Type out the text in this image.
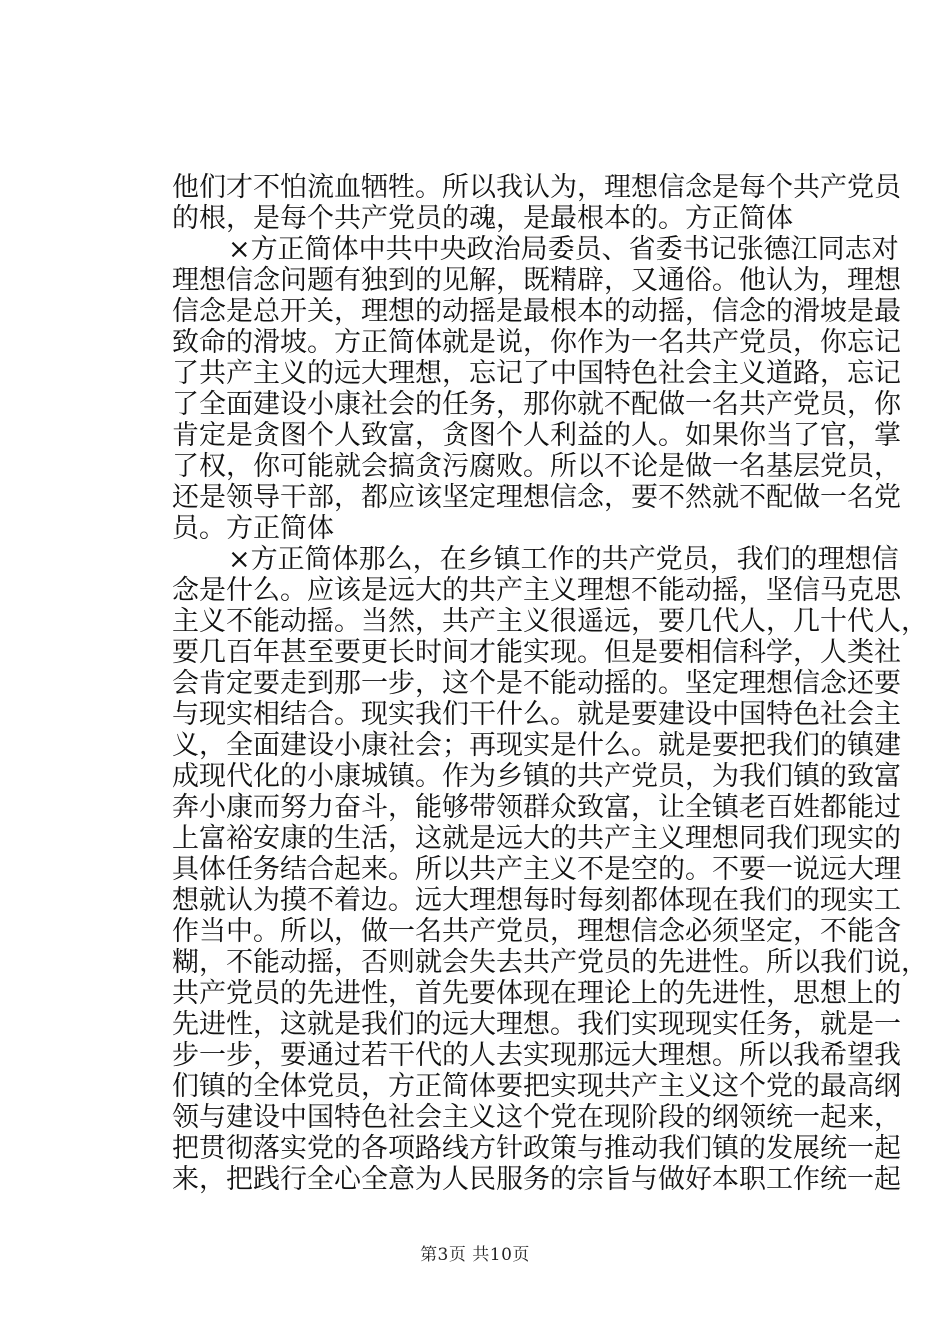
他们才不怕流血牺牲。所以我认为，理想信念是每个共产党员
的根，是每个共产党员的魂，是最根本的。方正简体
×方正简体中共中央政治局委员、省委书记张德江同志对
理想信念问题有独到的见解，既精辟，又通俗。他认为，理想
信念是总开关，理想的动摇是最根本的动摇，信念的滑坡是最
致命的滑坡。方正简体就是说，你作为一名共产党员，你忘记
了共产主义的远大理想，忘记了中国特色社会主义道路，忘记
了全面建设小康社会的任务，那你就不配做一名共产党员，你
肯定是贪图个人致富，贪图个人利益的人。如果你当了官，掌
了权，你可能就会搞贪污腐败。所以不论是做一名基层党员，
还是领导干部，都应该坚定理想信念，要不然就不配做一名党
员。方正简体
×方正简体那么，在乡镇工作的共产党员，我们的理想信
念是什么。应该是远大的共产主义理想不能动摇，坚信马克思
主义不能动摇。当然，共产主义很遥远，要几代人，几十代人，
要几百年甚至要更长时间才能实现。但是要相信科学，人类社
会肯定要走到那一步，这个是不能动摇的。坚定理想信念还要
与现实相结合。现实我们干什么。就是要建设中国特色社会主
义，全面建设小康社会；再现实是什么。就是要把我们的镇建
成现代化的小康城镇。作为乡镇的共产党员，为我们镇的致富
奔小康而努力奋斗，能够带领群众致富，让全镇老百姓都能过
上富裕安康的生活，这就是远大的共产主义理想同我们现实的
具体任务结合起来。所以共产主义不是空的。不要一说远大理
想就认为摸不着边。远大理想每时每刻都体现在我们的现实工
作当中。所以，做一名共产党员，理想信念必须坚定，不能含
糊，不能动摇，否则就会失去共产党员的先进性。所以我们说，
共产党员的先进性，首先要体现在理论上的先进性，思想上的
先进性，这就是我们的远大理想。我们实现现实任务，就是一
步一步，要通过若干代的人去实现那远大理想。所以我希望我
们镇的全体党员，方正简体要把实现共产主义这个党的最高纲
领与建设中国特色社会主义这个党在现阶段的纲领统一起来，
把贯彻落实党的各项路线方针政策与推动我们镇的发展统一起
来，把践行全心全意为人民服务的宗旨与做好本职工作统一起
第3页 共10页
